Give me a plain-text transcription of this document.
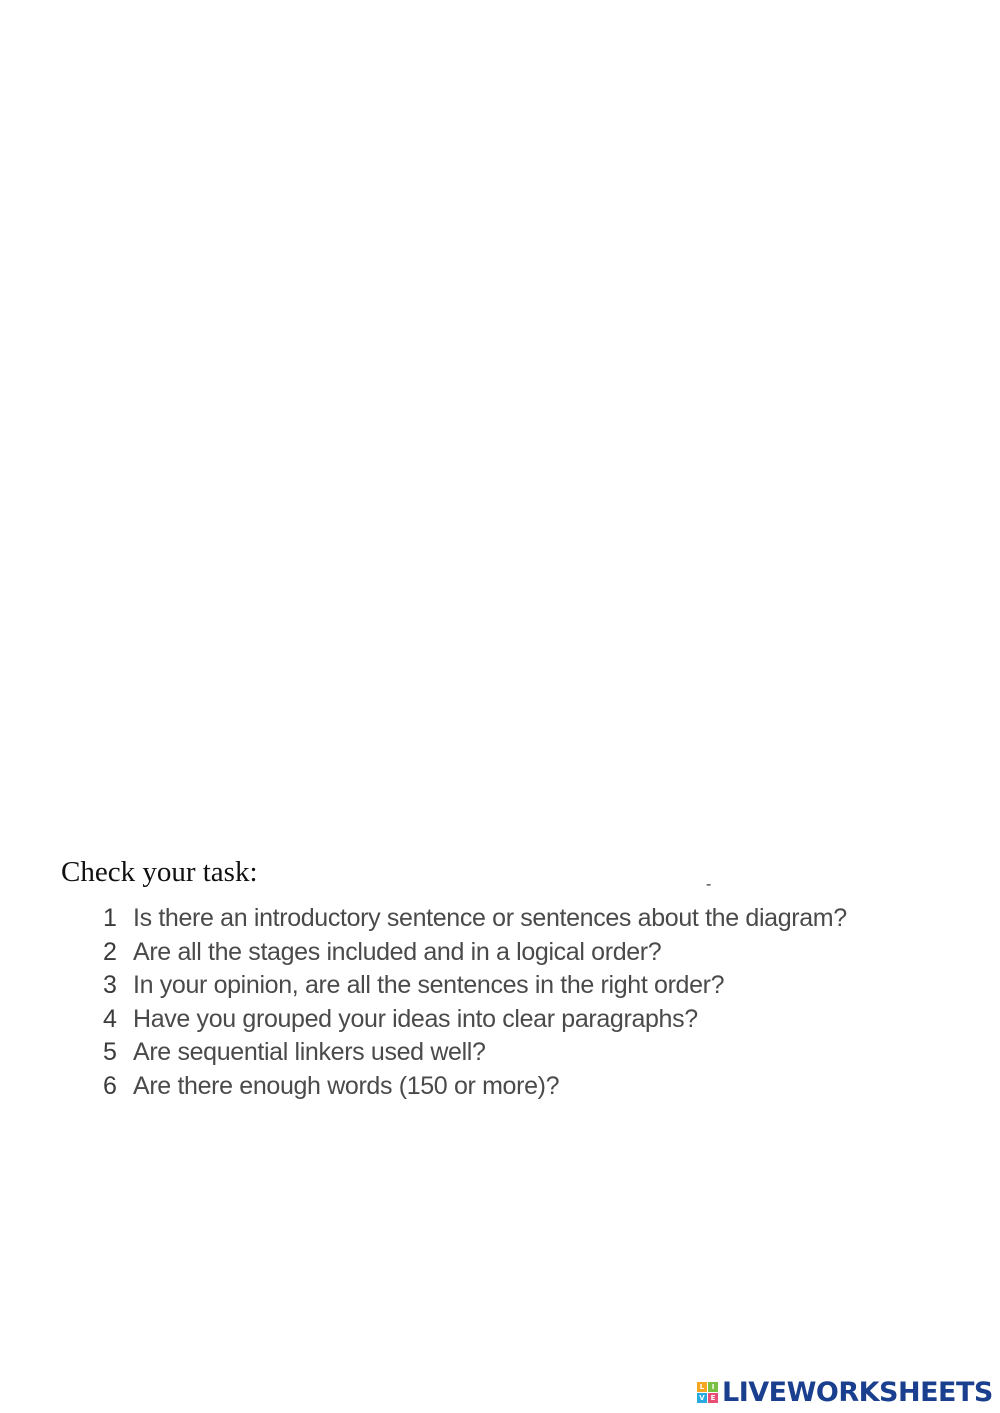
Check your task:	-
1 Is there an introductory sentence or sentences about the diagram?
2 Are all the stages included and in a logical order?
3 In your opinion, are all the sentences in the right order?
4 Have you grouped your ideas into clear paragraphs?
5 Are sequential linkers used well?
6 Are there enough words (150 or more)?
L	I
V E LIVEWORKSHEETS
